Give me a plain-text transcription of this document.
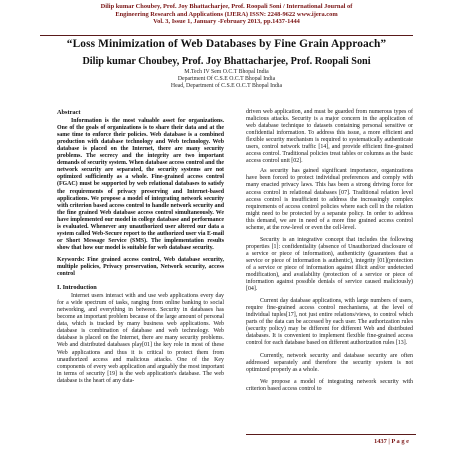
Dilip kumar Choubey, Prof. Joy Bhattacharjee, Prof. Roopali Soni / International Journal of
Engineering Research and Applications (IJERA) ISSN: 2248-9622 www.ijera.com
Vol. 3, Issue 1, January -February 2013, pp.1437-1444
“Loss Minimization of Web Databases by Fine Grain Approach”
Dilip kumar Choubey, Prof. Joy Bhattacharjee, Prof. Roopali Soni
M.Tech IV Sem O.C.T Bhopal India
Department Of C.S.E O.C.T Bhopal India
Head, Department of C.S.E O.C.T Bhopal India
Abstract

Information is the most valuable asset for organizations. One of the goals of organizations is to share their data and at the same time to enforce their policies. Web database is a combined production with database technology and Web technology. Web database is placed on the Internet, there are many security problems. The secrecy and the integrity are two important demands of security system. When database access control and the network security are separated, the security systems are not optimized sufficiently as a whole. Fine-grained access control (FGAC) must be supported by web relational databases to satisfy the requirements of privacy preserving and Internet-based applications. We propose a model of integrating network security with criterion based access control to handle network security and the fine grained Web database access control simultaneously. We have implemented our model in college database and performance is evaluated. Whenever any unauthorized user altered our data a system called Web-Secure report to the authorized user via E-mail or Short Message Service (SMS). The implementation results show that how our model is suitable for web database security.

Keywords: Fine grained access control, Web database security, multiple policies, Privacy preservation, Network security, access control

I. Introduction

Internet users interact with and use web applications every day for a wide spectrum of tasks, ranging from online banking to social networking, and everything in between. Security in databases has become an important problem because of the large amount of personal data, which is tracked by many business web applications. Web database is combination of database and web technology. Web database is placed on the Internet, there are many security problems. Web and distributed databases play[01] the key role in most of these Web applications and thus it is critical to protect them from unauthorized access and malicious attacks. One of the Key components of every web application and arguably the most important in terms of security [19] is the web application's database. The web database is the heart of any data-

driven web application, and must be guarded from numerous types of malicious attacks. Security is a major concern in the application of web database technique to datasets containing personal sensitive or confidential information. To address this issue, a more efficient and flexible security mechanism is required to systematically authenticate users, control network traffic [14], and provide efficient fine-grained access control. Traditional policies treat tables or columns as the basic access control unit [02].

As security has gained significant importance, organizations have been forced to protect individual preferences and comply with many enacted privacy laws. This has been a strong driving force for access control in relational databases [07]. Traditional relation level access control is insufficient to address the increasingly complex requirements of access control policies where each cell in the relation might need to be protected by a separate policy. In order to address this demand, we are in need of a more fine grained access control scheme, at the row-level or even the cell-level.

Security is an integrative concept that includes the following properties [1]: confidentiality (absence of Unauthorized disclosure of a service or piece of information), authenticity (guarantees that a service or piece of information is authentic), integrity [01](protection of a service or piece of information against illicit and/or undetected modification), and availability (protection of a service or piece of information against possible denials of service caused maliciously) [04].

Current day database applications, with large numbers of users, require fine-grained access control mechanisms, at the level of individual tuples[17], not just entire relations/views, to control which parts of the data can be accessed by each user. The authorization rules (security policy) may be different for different Web and distributed databases. It is convenient to implement flexible fine-grained access control for each database based on different authorization rules [13].

Currently, network security and database security are often addressed separately and therefore the security system is not optimized properly as a whole.

We propose a model of integrating network security with criterion based access control to

1437 | P a g e
